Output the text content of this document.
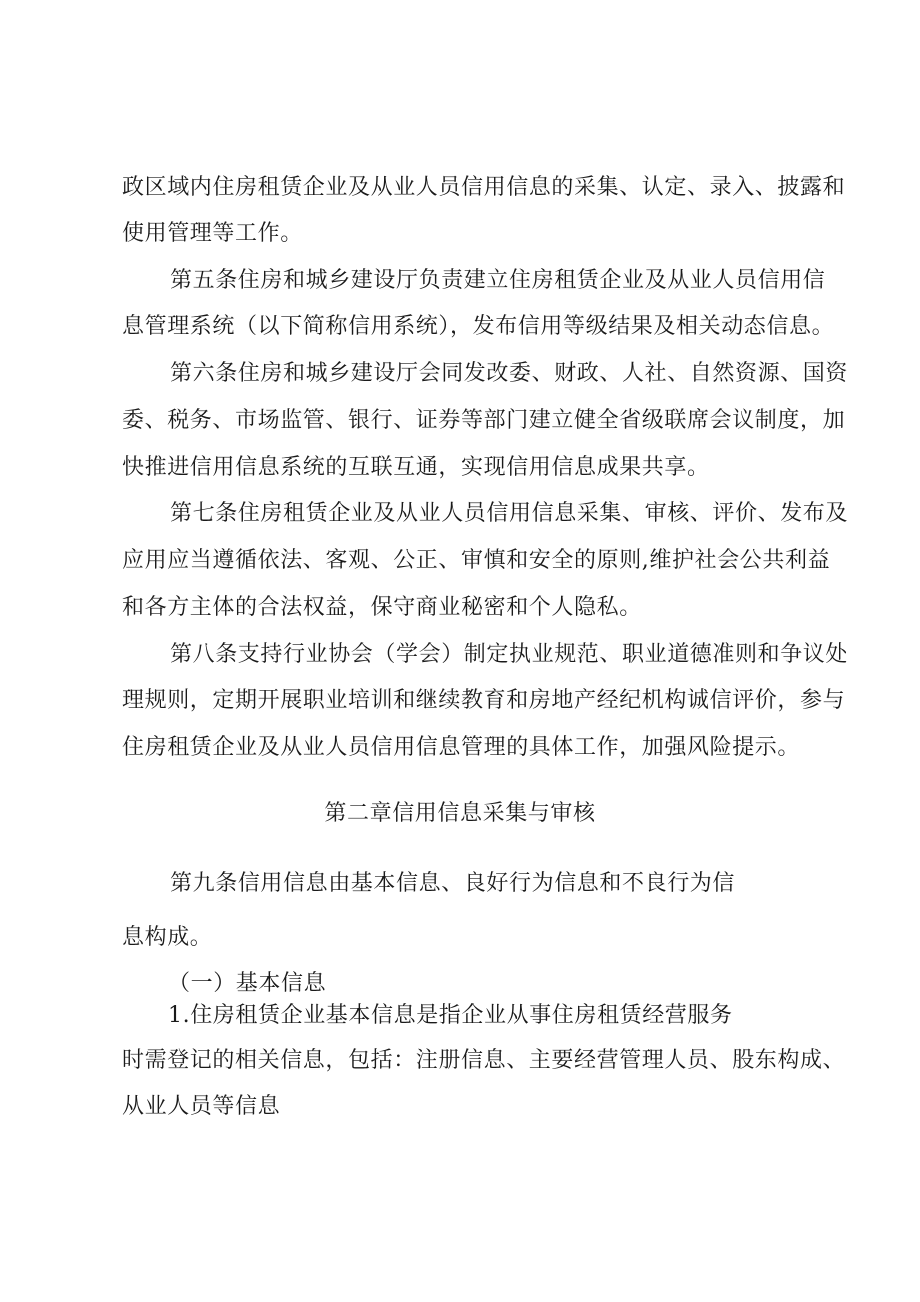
政区域内住房租赁企业及从业人员信用信息的采集、认定、录入、披露和
使用管理等工作。
第五条住房和城乡建设厅负责建立住房租赁企业及从业人员信用信
息管理系统（以下简称信用系统），发布信用等级结果及相关动态信息。
第六条住房和城乡建设厅会同发改委、财政、人社、自然资源、国资
委、税务、市场监管、银行、证券等部门建立健全省级联席会议制度，加
快推进信用信息系统的互联互通，实现信用信息成果共享。
第七条住房租赁企业及从业人员信用信息采集、审核、评价、发布及
应用应当遵循依法、客观、公正、审慎和安全的原则,维护社会公共利益
和各方主体的合法权益，保守商业秘密和个人隐私。
第八条支持行业协会（学会）制定执业规范、职业道德准则和争议处
理规则，定期开展职业培训和继续教育和房地产经纪机构诚信评价，参与
住房租赁企业及从业人员信用信息管理的具体工作，加强风险提示。
第二章信用信息采集与审核
第九条信用信息由基本信息、良好行为信息和不良行为信
息构成。
（一）基本信息
1.住房租赁企业基本信息是指企业从事住房租赁经营服务
时需登记的相关信息，包括：注册信息、主要经营管理人员、股东构成、
从业人员等信息
